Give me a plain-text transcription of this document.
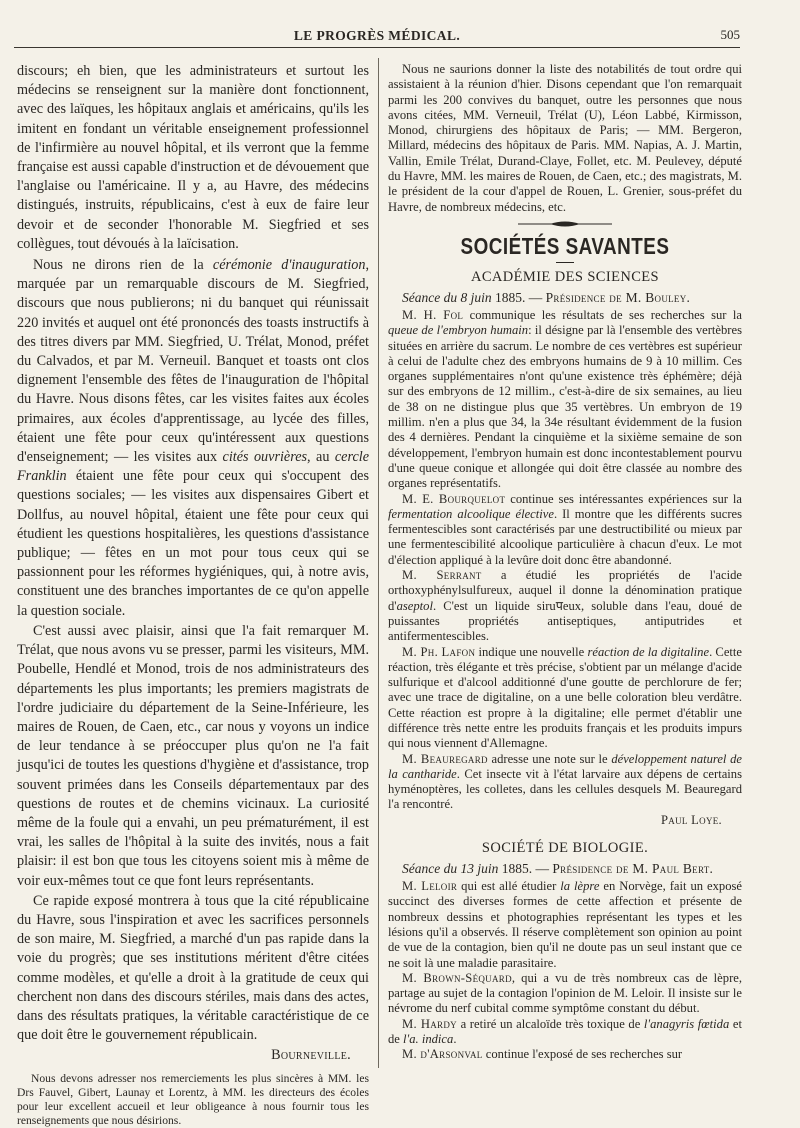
LE PROGRÈS MÉDICAL.	505

discours; eh bien, que les administrateurs et surtout les médecins se renseignent sur la manière dont fonctionnent, avec des laïques, les hôpitaux anglais et américains, qu'ils les imitent en fondant un véritable enseignement professionnel de l'infirmière au nouvel hôpital, et ils verront que la femme française est aussi capable d'instruction et de dévouement que l'anglaise ou l'américaine. Il y a, au Havre, des médecins distingués, instruits, républicains, c'est à eux de faire leur devoir et de seconder l'honorable M. Siegfried et ses collègues, tout dévoués à la laïcisation.

Nous ne dirons rien de la cérémonie d'inauguration, marquée par un remarquable discours de M. Siegfried, discours que nous publierons; ni du banquet qui réunissait 220 invités et auquel ont été prononcés des toasts instructifs à des titres divers par MM. Siegfried, U. Trélat, Monod, préfet du Calvados, et par M. Verneuil. Banquet et toasts ont clos dignement l'ensemble des fêtes de l'inauguration de l'hôpital du Havre. Nous disons fêtes, car les visites faites aux écoles primaires, aux écoles d'apprentissage, au lycée des filles, étaient une fête pour ceux qu'intéressent aux questions d'enseignement; — les visites aux cités ouvrières, au cercle Franklin étaient une fête pour ceux qui s'occupent des questions sociales; — les visites aux dispensaires Gibert et Dollfus, au nouvel hôpital, étaient une fête pour ceux qui étudient les questions hospitalières, les questions d'assistance publique; — fêtes en un mot pour tous ceux qui se passionnent pour les réformes hygiéniques, qui, à notre avis, constituent une des branches importantes de ce qu'on appelle la question sociale.

C'est aussi avec plaisir, ainsi que l'a fait remarquer M. Trélat, que nous avons vu se presser, parmi les visiteurs, MM. Poubelle, Hendlé et Monod, trois de nos administrateurs des départements les plus importants; les premiers magistrats de l'ordre judiciaire du département de la Seine-Inférieure, les maires de Rouen, de Caen, etc., car nous y voyons un indice de leur tendance à se préoccuper plus qu'on ne l'a fait jusqu'ici de toutes les questions d'hygiène et d'assistance, trop souvent primées dans les Conseils départementaux par des questions de routes et de chemins vicinaux. La curiosité même de la foule qui a envahi, un peu prématurément, il est vrai, les salles de l'hôpital à la suite des invités, nous a fait plaisir: il est bon que tous les citoyens soient mis à même de voir eux-mêmes tout ce que font leurs représentants.

Ce rapide exposé montrera à tous que la cité républicaine du Havre, sous l'inspiration et avec les sacrifices personnels de son maire, M. Siegfried, a marché d'un pas rapide dans la voie du progrès; que ses institutions méritent d'être citées comme modèles, et qu'elle a droit à la gratitude de ceux qui cherchent non dans des discours stériles, mais dans des actes, dans des résultats pratiques, la véritable caractéristique de ce que doit être le gouvernement républicain.

Bourneville.

Nous devons adresser nos remerciements les plus sincères à MM. les Drs Fauvel, Gibert, Launay et Lorentz, à MM. les directeurs des écoles pour leur excellent accueil et leur obligeance à nous fournir tous les renseignements que nous désirions.

Nous ne saurions donner la liste des notabilités de tout ordre qui assistaient à la réunion d'hier. Disons cependant que l'on remarquait parmi les 200 convives du banquet, outre les personnes que nous avons citées, MM. Verneuil, Trélat (U), Léon Labbé, Kirmisson, Monod, chirurgiens des hôpitaux de Paris; — MM. Bergeron, Millard, médecins des hôpitaux de Paris. MM. Napias, A. J. Martin, Vallin, Emile Trélat, Durand-Claye, Follet, etc. M. Peulevey, député du Havre, MM. les maires de Rouen, de Caen, etc.; des magistrats, M. le président de la cour d'appel de Rouen, L. Grenier, sous-préfet du Havre, de nombreux médecins, etc.

SOCIÉTÉS SAVANTES
ACADÉMIE DES SCIENCES

Séance du 8 juin 1885. — Présidence de M. Bouley.

M. H. Fol communique les résultats de ses recherches sur la queue de l'embryon humain: il désigne par là l'ensemble des vertèbres situées en arrière du sacrum. Le nombre de ces vertèbres est supérieur à celui de l'adulte chez des embryons humains de 9 à 10 millim. Ces organes supplémentaires n'ont qu'une existence très éphémère; déjà sur des embryons de 12 millim., c'est-à-dire de six semaines, au lieu de 38 on ne distingue plus que 35 vertèbres. Un embryon de 19 millim. n'en a plus que 34, la 34e résultant évidemment de la fusion des 4 dernières. Pendant la cinquième et la sixième semaine de son développement, l'embryon humain est donc incontestablement pourvu d'une queue conique et allongée qui doit être classée au nombre des organes représentatifs.

M. E. Bourquelot continue ses intéressantes expériences sur la fermentation alcoolique élective. Il montre que les différents sucres fermentescibles sont caractérisés par une destructibilité ou mieux par une fermentescibilité alcoolique particulière à chacun d'eux. Le mot d'élection appliqué à la levûre doit donc être abandonné.

M. Serrant a étudié les propriétés de l'acide orthoxyphénylsulfureux, auquel il donne la dénomination pratique d'aseptol. C'est un liquide siruपeux, soluble dans l'eau, doué de puissantes propriétés antiseptiques, antiputrides et antifermentescibles.

M. Ph. Lafon indique une nouvelle réaction de la digitaline. Cette réaction, très élégante et très précise, s'obtient par un mélange d'acide sulfurique et d'alcool additionné d'une goutte de perchlorure de fer; avec une trace de digitaline, on a une belle coloration bleu verdâtre. Cette réaction est propre à la digitaline; elle permet d'établir une différence très nette entre les produits français et les produits impurs qui nous viennent d'Allemagne.

M. Beauregard adresse une note sur le développement naturel de la cantharide. Cet insecte vit à l'état larvaire aux dépens de certains hyménoptères, les colletes, dans les cellules desquels M. Beauregard l'a rencontré.

Paul Loye.

SOCIÉTÉ DE BIOLOGIE.

Séance du 13 juin 1885. — Présidence de M. Paul Bert.

M. Leloir qui est allé étudier la lèpre en Norvège, fait un exposé succinct des diverses formes de cette affection et présente de nombreux dessins et photographies représentant les types et les lésions qu'il a observés. Il réserve complètement son opinion au point de vue de la contagion, bien qu'il ne doute pas un seul instant que ce ne soit là une maladie parasitaire.

M. Brown-Séquard, qui a vu de très nombreux cas de lèpre, partage au sujet de la contagion l'opinion de M. Leloir. Il insiste sur le névrome du nerf cubital comme symptôme constant du début.

M. Hardy a retiré un alcaloïde très toxique de l'anagyris fœtida et de l'a. indica.

M. d'Arsonval continue l'exposé de ses recherches sur
